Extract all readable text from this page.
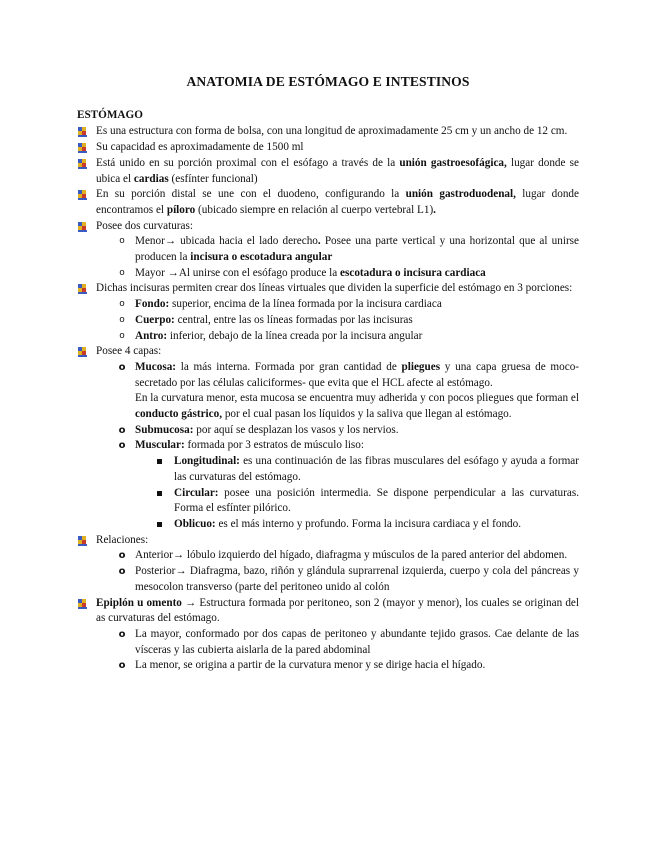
ANATOMIA DE ESTÓMAGO E INTESTINOS
ESTÓMAGO
Es una estructura con forma de bolsa, con una longitud de aproximadamente 25 cm y un ancho de 12 cm.
Su capacidad es aproximadamente de 1500 ml
Está unido en su porción proximal con el esófago a través de la unión gastroesofágica, lugar donde se ubica el cardias (esfínter funcional)
En su porción distal se une con el duodeno, configurando la unión gastroduodenal, lugar donde encontramos el píloro (ubicado siempre en relación al cuerpo vertebral L1).
Posee dos curvaturas:
o Menor→ ubicada hacia el lado derecho. Posee una parte vertical y una horizontal que al unirse producen la incisura o escotadura angular
o Mayor →Al unirse con el esófago produce la escotadura o incisura cardiaca
Dichas incisuras permiten crear dos líneas virtuales que dividen la superficie del estómago en 3 porciones:
o Fondo: superior, encima de la línea formada por la incisura cardiaca
o Cuerpo: central, entre las os líneas formadas por las incisuras
o Antro: inferior, debajo de la línea creada por la incisura angular
Posee 4 capas:
o Mucosa: la más interna. Formada por gran cantidad de pliegues y una capa gruesa de moco- secretado por las células caliciformes- que evita que el HCL afecte al estómago.
En la curvatura menor, esta mucosa se encuentra muy adherida y con pocos pliegues que forman el conducto gástrico, por el cual pasan los líquidos y la saliva que llegan al estómago.
o Submucosa: por aquí se desplazan los vasos y los nervios.
o Muscular: formada por 3 estratos de músculo liso:
Longitudinal: es una continuación de las fibras musculares del esófago y ayuda a formar las curvaturas del estómago.
Circular: posee una posición intermedia. Se dispone perpendicular a las curvaturas. Forma el esfínter pilórico.
Oblicuo: es el más interno y profundo. Forma la incisura cardiaca y el fondo.
Relaciones:
o Anterior→ lóbulo izquierdo del hígado, diafragma y músculos de la pared anterior del abdomen.
o Posterior→ Diafragma, bazo, riñón y glándula suprarrenal izquierda, cuerpo y cola del páncreas y mesocolon transverso (parte del peritoneo unido al colón
Epiplón u omento → Estructura formada por peritoneo, son 2 (mayor y menor), los cuales se originan del as curvaturas del estómago.
o La mayor, conformado por dos capas de peritoneo y abundante tejido grasos. Cae delante de las vísceras y las cubierta aislarla de la pared abdominal
o La menor, se origina a partir de la curvatura menor y se dirige hacia el hígado.
